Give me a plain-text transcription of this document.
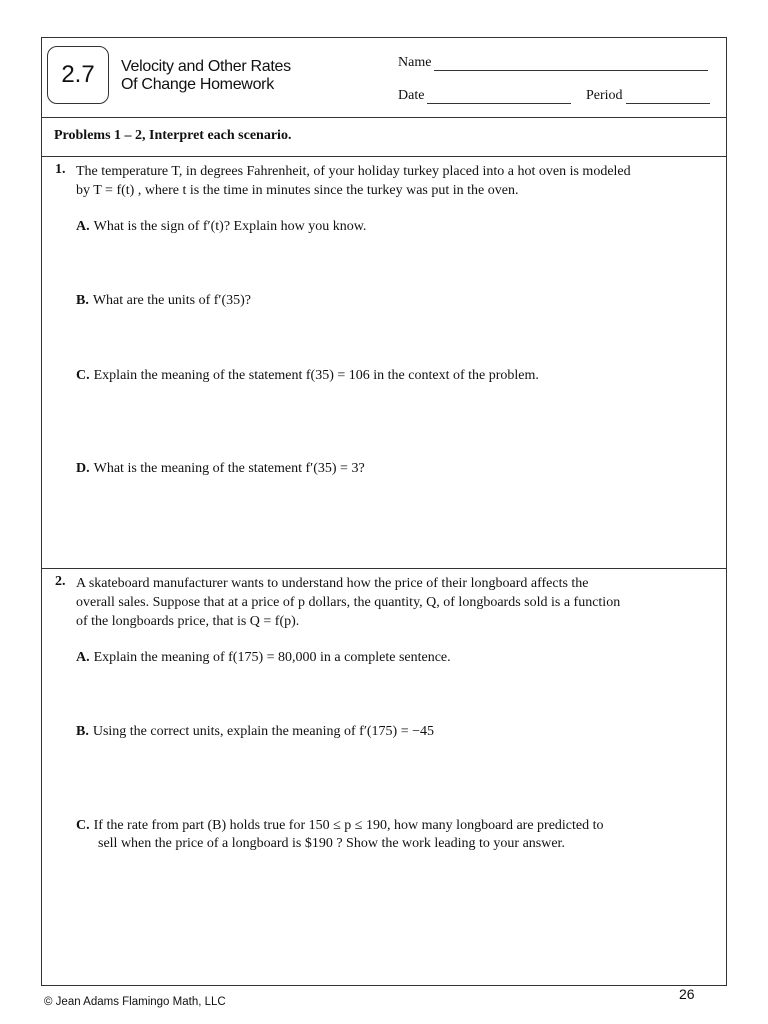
2.7	Velocity and Other Rates
Of Change Homework
Name
Date	Period
Problems 1 – 2, Interpret each scenario.
1. The temperature T, in degrees Fahrenheit, of your holiday turkey placed into a hot oven is modeled
by T = f(t) , where t is the time in minutes since the turkey was put in the oven.
A. What is the sign of f′(t)? Explain how you know.
B. What are the units of f′(35)?
C. Explain the meaning of the statement f(35) = 106 in the context of the problem.
D. What is the meaning of the statement f′(35) = 3?
2. A skateboard manufacturer wants to understand how the price of their longboard affects the
overall sales. Suppose that at a price of p dollars, the quantity, Q, of longboards sold is a function
of the longboards price, that is Q = f(p).
A. Explain the meaning of f(175) = 80,000 in a complete sentence.
B. Using the correct units, explain the meaning of f′(175) = −45
C. If the rate from part (B) holds true for 150 ≤ p ≤ 190, how many longboard are predicted to
sell when the price of a longboard is $190 ? Show the work leading to your answer.
© Jean Adams Flamingo Math, LLC	26
